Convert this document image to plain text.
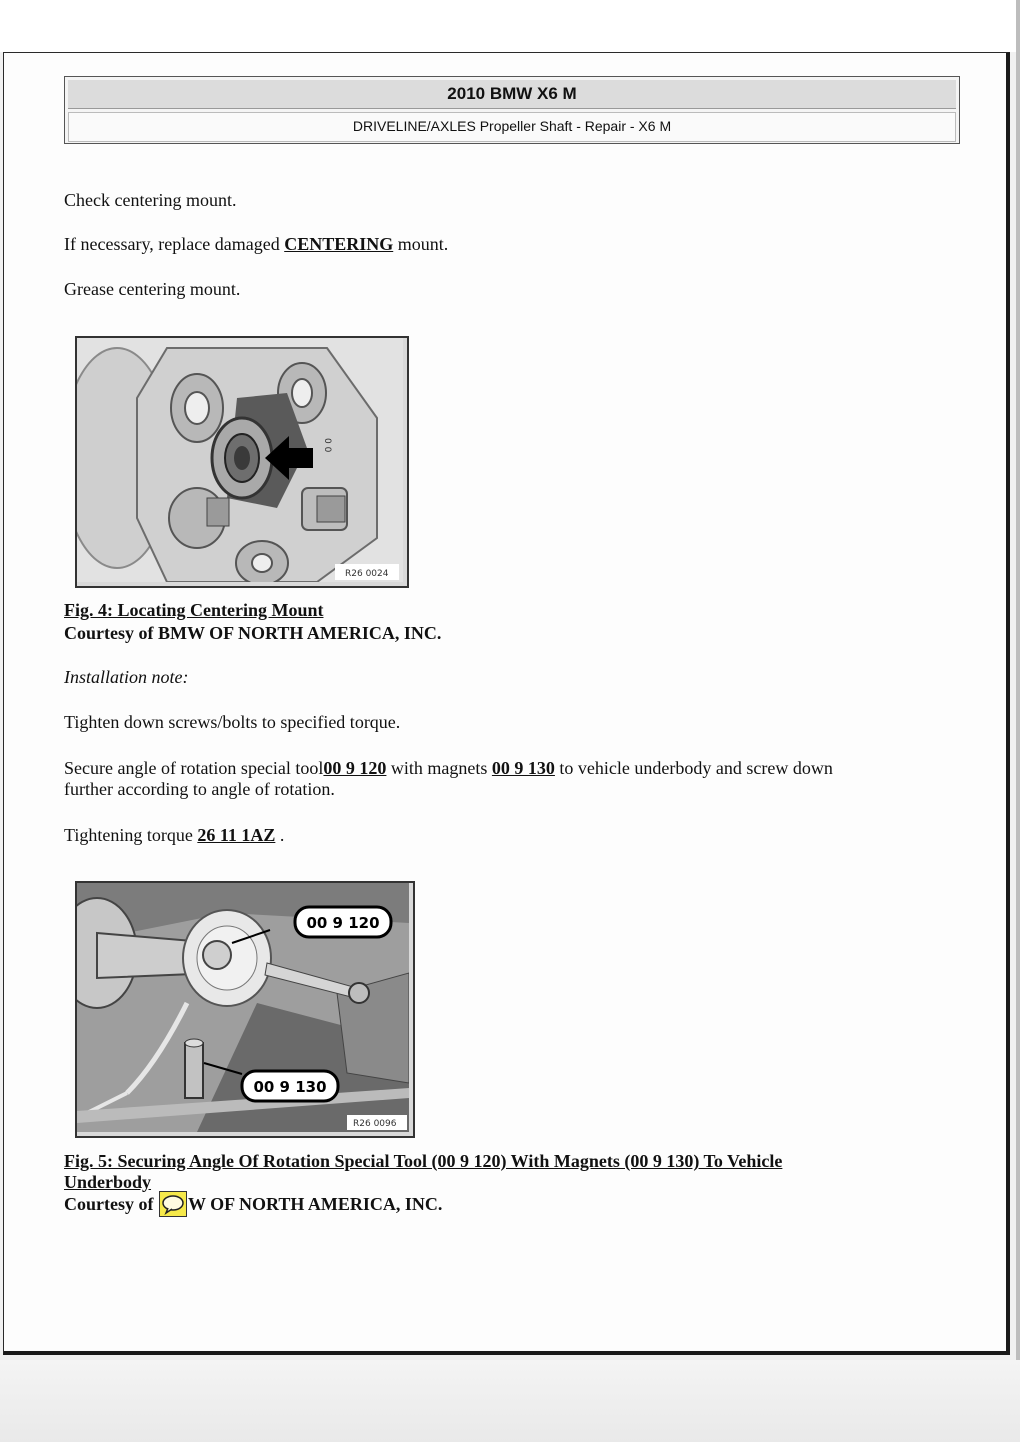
2010 BMW X6 M
DRIVELINE/AXLES Propeller Shaft - Repair - X6 M
Check centering mount.
If necessary, replace damaged CENTERING mount.
Grease centering mount.
0 0
R26 0024
Fig. 4: Locating Centering Mount
Courtesy of BMW OF NORTH AMERICA, INC.
Installation note:
Tighten down screws/bolts to specified torque.
Secure angle of rotation special tool00 9 120 with magnets 00 9 130 to vehicle underbody and screw down
further according to angle of rotation.
Tightening torque 26 11 1AZ .
00 9 120
00 9 130
R26 0096
Fig. 5: Securing Angle Of Rotation Special Tool (00 9 120) With Magnets (00 9 130) To Vehicle
Underbody
Courtesy of
W OF NORTH AMERICA, INC.
